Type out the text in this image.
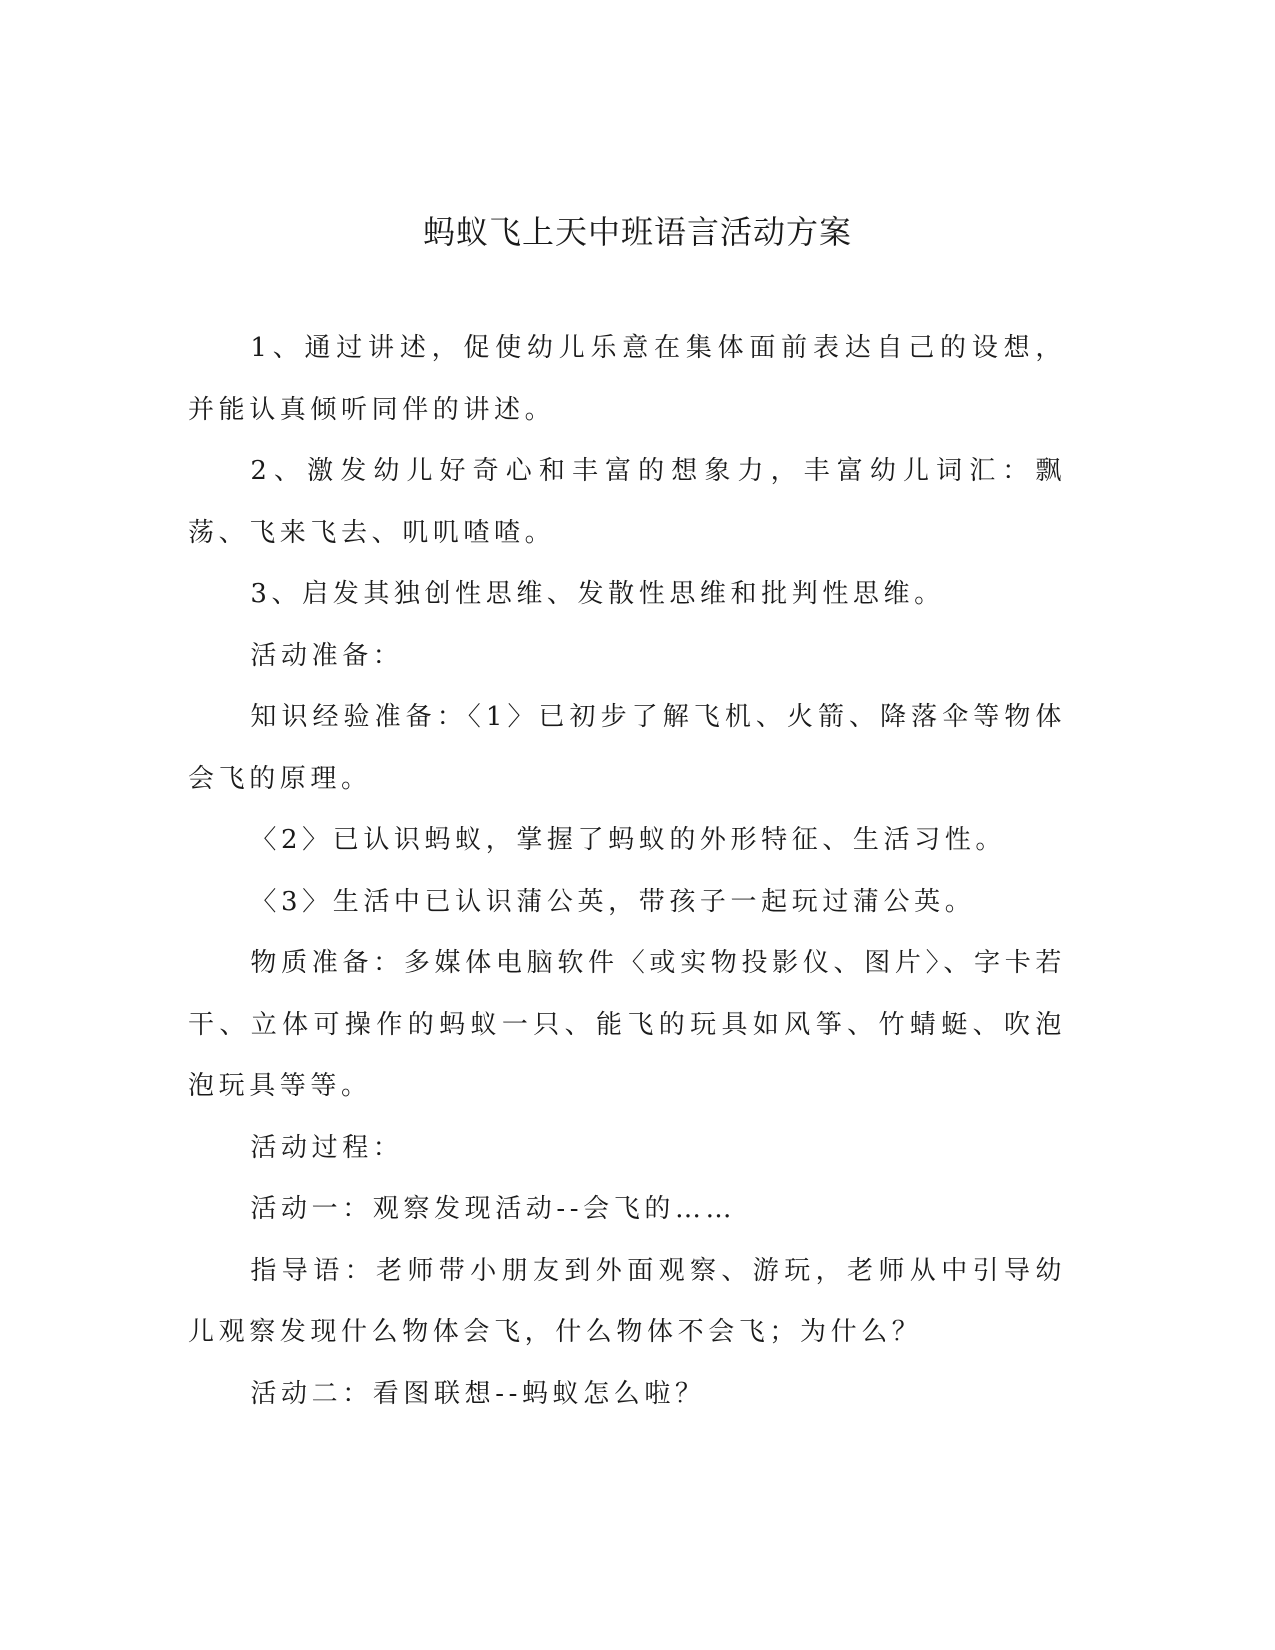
蚂蚁飞上天中班语言活动方案

1、通过讲述，促使幼儿乐意在集体面前表达自己的设想，并能认真倾听同伴的讲述。

2、激发幼儿好奇心和丰富的想象力，丰富幼儿词汇：飘荡、飞来飞去、叽叽喳喳。

3、启发其独创性思维、发散性思维和批判性思维。

活动准备：

知识经验准备：〈1〉已初步了解飞机、火箭、降落伞等物体会飞的原理。

〈2〉已认识蚂蚁，掌握了蚂蚁的外形特征、生活习性。

〈3〉生活中已认识蒲公英，带孩子一起玩过蒲公英。

物质准备：多媒体电脑软件〈或实物投影仪、图片〉、字卡若干、立体可操作的蚂蚁一只、能飞的玩具如风筝、竹蜻蜓、吹泡泡玩具等等。

活动过程：

活动一：观察发现活动--会飞的……

指导语：老师带小朋友到外面观察、游玩，老师从中引导幼儿观察发现什么物体会飞，什么物体不会飞；为什么？

活动二：看图联想--蚂蚁怎么啦？
